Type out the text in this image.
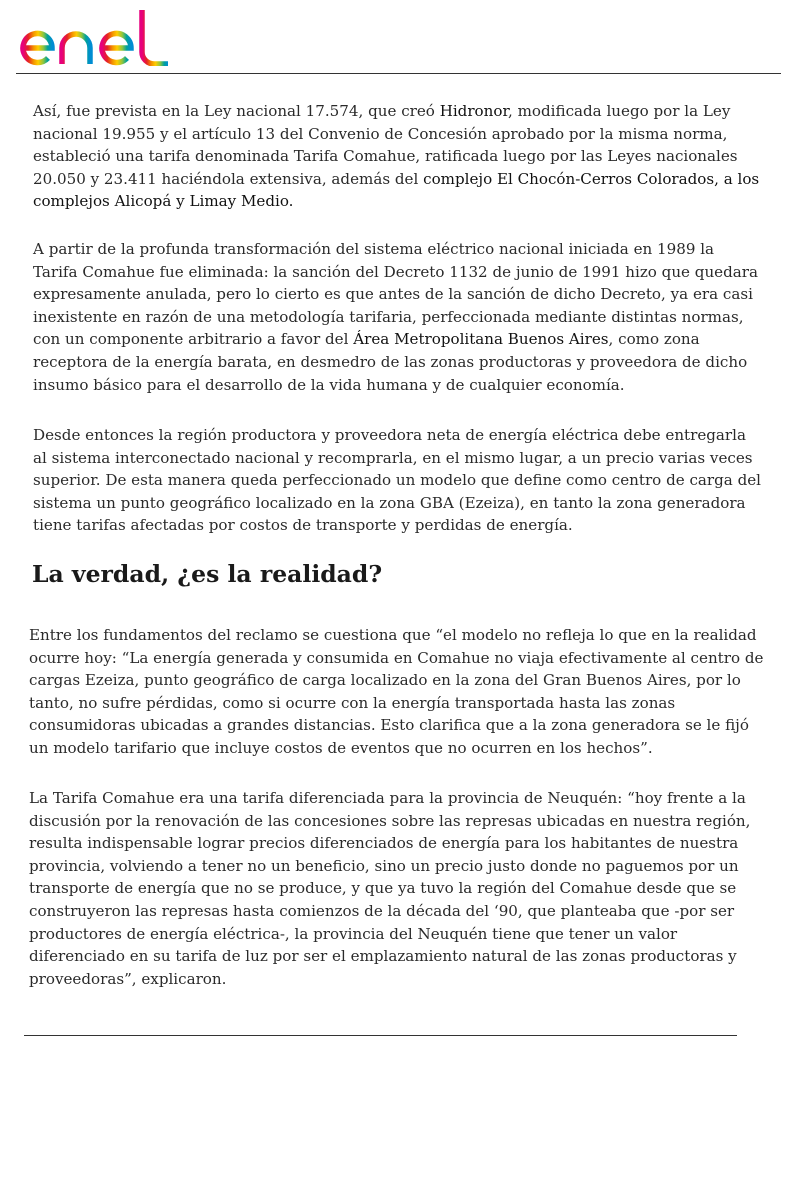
Así, fue prevista en la Ley nacional 17.574, que creó Hidronor, modificada luego por la Ley nacional 19.955 y el artículo 13 del Convenio de Concesión aprobado por la misma norma, estableció una tarifa denominada Tarifa Comahue, ratificada luego por las Leyes nacionales 20.050 y 23.411 haciéndola extensiva, además del complejo El Chocón-Cerros Colorados, a los complejos Alicopá y Limay Medio.

A partir de la profunda transformación del sistema eléctrico nacional iniciada en 1989 la Tarifa Comahue fue eliminada: la sanción del Decreto 1132 de junio de 1991 hizo que quedara expresamente anulada, pero lo cierto es que antes de la sanción de dicho Decreto, ya era casi inexistente en razón de una metodología tarifaria, perfeccionada mediante distintas normas, con un componente arbitrario a favor del Área Metropolitana Buenos Aires, como zona receptora de la energía barata, en desmedro de las zonas productoras y proveedora de dicho insumo básico para el desarrollo de la vida humana y de cualquier economía.

Desde entonces la región productora y proveedora neta de energía eléctrica debe entregarla al sistema interconectado nacional y recomprarla, en el mismo lugar, a un precio varias veces superior. De esta manera queda perfeccionado un modelo que define como centro de carga del sistema un punto geográfico localizado en la zona GBA (Ezeiza), en tanto la zona generadora tiene tarifas afectadas por costos de transporte y perdidas de energía.

La verdad, ¿es la realidad?

Entre los fundamentos del reclamo se cuestiona que “el modelo no refleja lo que en la realidad ocurre hoy: “La energía generada y consumida en Comahue no viaja efectivamente al centro de cargas Ezeiza, punto geográfico de carga localizado en la zona del Gran Buenos Aires, por lo tanto, no sufre pérdidas, como si ocurre con la energía transportada hasta las zonas consumidoras ubicadas a grandes distancias. Esto clarifica que a la zona generadora se le fijó un modelo tarifario que incluye costos de eventos que no ocurren en los hechos”.

La Tarifa Comahue era una tarifa diferenciada para la provincia de Neuquén: “hoy frente a la discusión por la renovación de las concesiones sobre las represas ubicadas en nuestra región, resulta indispensable lograr precios diferenciados de energía para los habitantes de nuestra provincia, volviendo a tener no un beneficio, sino un precio justo donde no paguemos por un transporte de energía que no se produce, y que ya tuvo la región del Comahue desde que se construyeron las represas hasta comienzos de la década del ‘90, que planteaba que -por ser productores de energía eléctrica-, la provincia del Neuquén tiene que tener un valor diferenciado en su tarifa de luz por ser el emplazamiento natural de las zonas productoras y proveedoras”, explicaron.
